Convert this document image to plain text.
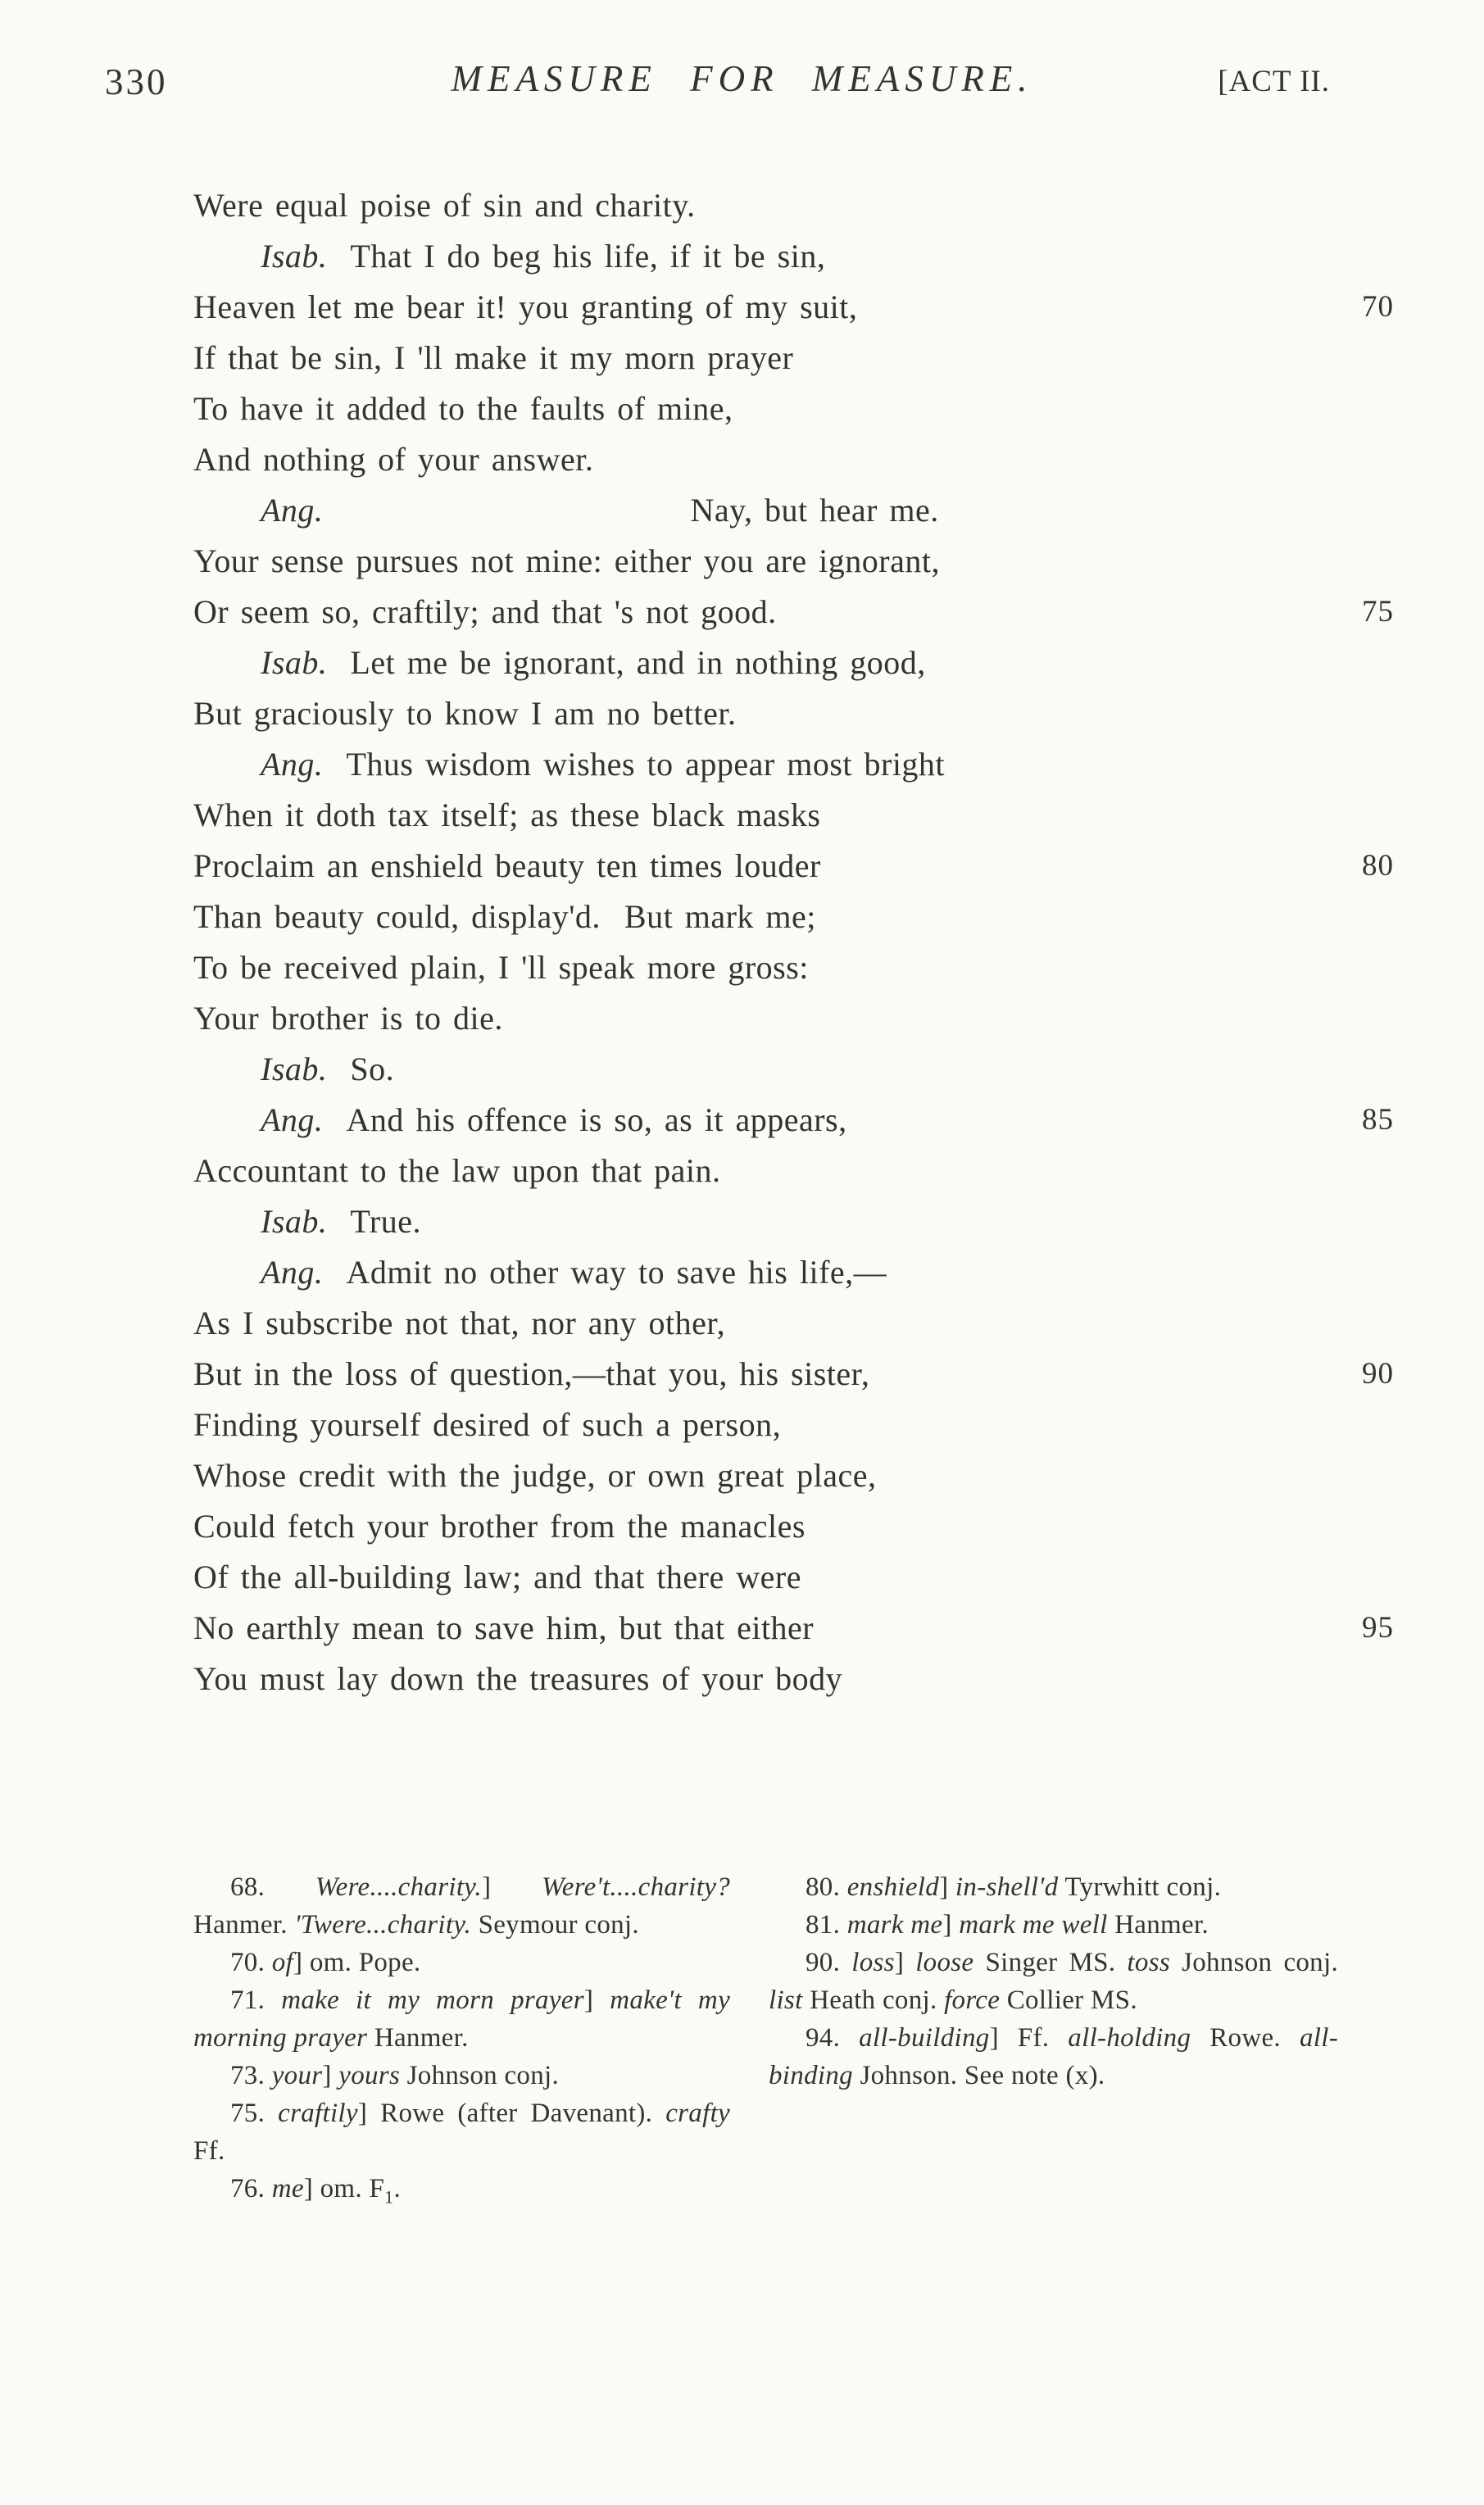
330	MEASURE FOR MEASURE.	[ACT II.
Were equal poise of sin and charity.
Isab. That I do beg his life, if it be sin,
Heaven let me bear it! you granting of my suit,	70
If that be sin, I 'll make it my morn prayer
To have it added to the faults of mine,
And nothing of your answer.
Ang.	Nay, but hear me.
Your sense pursues not mine: either you are ignorant,
Or seem so, craftily; and that 's not good.	75
Isab. Let me be ignorant, and in nothing good,
But graciously to know I am no better.
Ang. Thus wisdom wishes to appear most bright
When it doth tax itself; as these black masks
Proclaim an enshield beauty ten times louder	80
Than beauty could, display'd.  But mark me;
To be received plain, I 'll speak more gross:
Your brother is to die.
Isab. So.
Ang. And his offence is so, as it appears,	85
Accountant to the law upon that pain.
Isab. True.
Ang. Admit no other way to save his life,—
As I subscribe not that, nor any other,
But in the loss of question,—that you, his sister,	90
Finding yourself desired of such a person,
Whose credit with the judge, or own great place,
Could fetch your brother from the manacles
Of the all-building law; and that there were
No earthly mean to save him, but that either	95
You must lay down the treasures of your body

68. Were....charity.] Were't....charity? Hanmer. 'Twere...charity. Seymour conj.

70. of] om. Pope.

71. make it my morn prayer] make't my morning prayer Hanmer.

73. your] yours Johnson conj.

75. craftily] Rowe (after Davenant). crafty Ff.

76. me] om. $F_1$.

80. enshield] in-shell'd Tyrwhitt conj.

81. mark me] mark me well Hanmer.

90. loss] loose Singer MS. toss Johnson conj. list Heath conj. force Collier MS.

94. all-building] Ff. all-holding Rowe. all-binding Johnson. See note (x).
